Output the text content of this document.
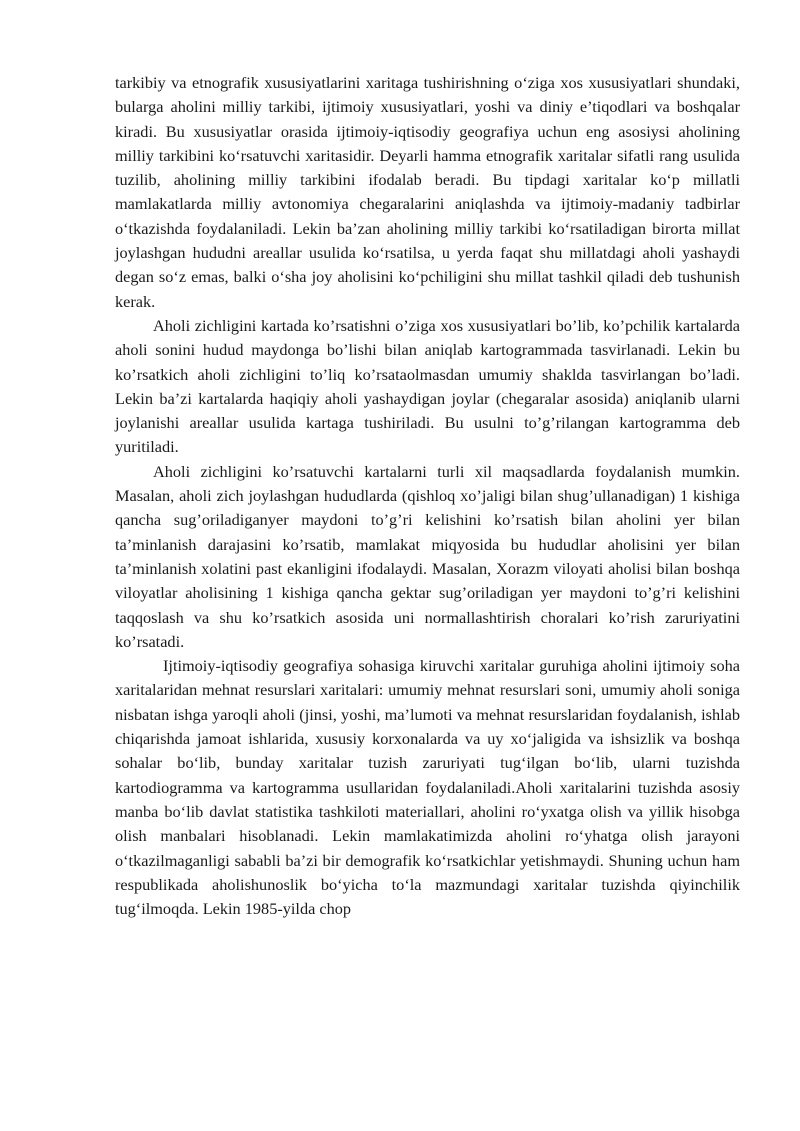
tarkibiy va etnografik xususiyatlarini xaritaga tushirishning o‘ziga xos xususiyatlari shundaki, bularga aholini milliy tarkibi, ijtimoiy xususiyatlari, yoshi va diniy e’tiqodlari va boshqalar kiradi. Bu xususiyatlar orasida ijtimoiy-iqtisodiy geografiya uchun eng asosiysi aholining milliy tarkibini ko‘rsatuvchi xaritasidir. Deyarli hamma etnografik xaritalar sifatli rang usulida tuzilib, aholining milliy tarkibini ifodalab beradi. Bu tipdagi xaritalar ko‘p millatli mamlakatlarda milliy avtonomiya chegaralarini aniqlashda va ijtimoiy-madaniy tadbirlar o‘tkazishda foydalaniladi. Lekin ba’zan aholining milliy tarkibi ko‘rsatiladigan birorta millat joylashgan hududni areallar usulida ko‘rsatilsa, u yerda faqat shu millatdagi aholi yashaydi degan so‘z emas, balki o‘sha joy aholisini ko‘pchiligini shu millat tashkil qiladi deb tushunish kerak.

Aholi zichligini kartada ko’rsatishni o’ziga xos xususiyatlari bo’lib, ko’pchilik kartalarda aholi sonini hudud maydonga bo’lishi bilan aniqlab kartogrammada tasvirlanadi. Lekin bu ko’rsatkich aholi zichligini to’liq ko’rsataolmasdan umumiy shaklda tasvirlangan bo’ladi. Lekin ba’zi kartalarda haqiqiy aholi yashaydigan joylar (chegaralar asosida) aniqlanib ularni joylanishi areallar usulida kartaga tushiriladi. Bu usulni to’g’rilangan kartogramma deb yuritiladi.

Aholi zichligini ko’rsatuvchi kartalarni turli xil maqsadlarda foydalanish mumkin. Masalan, aholi zich joylashgan hududlarda (qishloq xo’jaligi bilan shug’ullanadigan) 1 kishiga qancha sug’oriladiganyer maydoni to’g’ri kelishini ko’rsatish bilan aholini yer bilan ta’minlanish darajasini ko’rsatib, mamlakat miqyosida bu hududlar aholisini yer bilan ta’minlanish xolatini past ekanligini ifodalaydi. Masalan, Xorazm viloyati aholisi bilan boshqa viloyatlar aholisining 1 kishiga qancha gektar sug’oriladigan yer maydoni to’g’ri kelishini taqqoslash va shu ko’rsatkich asosida uni normallashtirish choralari ko’rish zaruriyatini ko’rsatadi.

Ijtimoiy-iqtisodiy geografiya sohasiga kiruvchi xaritalar guruhiga aholini ijtimoiy soha xaritalaridan mehnat resurslari xaritalari: umumiy mehnat resurslari soni, umumiy aholi soniga nisbatan ishga yaroqli aholi (jinsi, yoshi, ma’lumoti va mehnat resurslaridan foydalanish, ishlab chiqarishda jamoat ishlarida, xususiy korxonalarda va uy xo‘jaligida va ishsizlik va boshqa sohalar bo‘lib, bunday xaritalar tuzish zaruriyati tug‘ilgan bo‘lib, ularni tuzishda kartodiogramma va kartogramma usullaridan foydalaniladi.Aholi xaritalarini tuzishda asosiy manba bo‘lib davlat statistika tashkiloti materiallari, aholini ro‘yxatga olish va yillik hisobga olish manbalari hisoblanadi. Lekin mamlakatimizda aholini ro‘yhatga olish jarayoni o‘tkazilmaganligi sababli ba’zi bir demografik ko‘rsatkichlar yetishmaydi. Shuning uchun ham respublikada aholishunoslik bo‘yicha to‘la mazmundagi xaritalar tuzishda qiyinchilik tug‘ilmoqda. Lekin 1985-yilda chop
